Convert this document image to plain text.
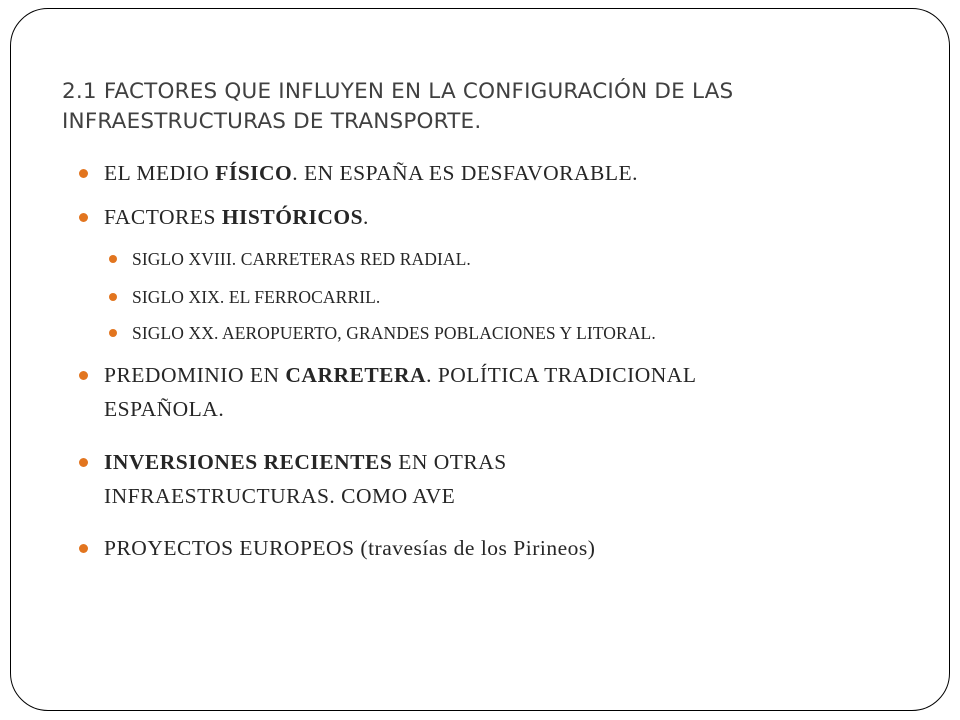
2.1 FACTORES QUE INFLUYEN EN LA CONFIGURACIÓN DE LAS
INFRAESTRUCTURAS DE TRANSPORTE.
EL MEDIO FÍSICO. EN ESPAÑA ES DESFAVORABLE.
FACTORES HISTÓRICOS.
SIGLO XVIII. CARRETERAS RED RADIAL.
SIGLO XIX. EL FERROCARRIL.
SIGLO XX. AEROPUERTO, GRANDES POBLACIONES Y LITORAL.
PREDOMINIO EN CARRETERA. POLÍTICA TRADICIONAL
ESPAÑOLA.
INVERSIONES RECIENTES EN OTRAS
INFRAESTRUCTURAS. COMO AVE
PROYECTOS EUROPEOS (travesías de los Pirineos)
